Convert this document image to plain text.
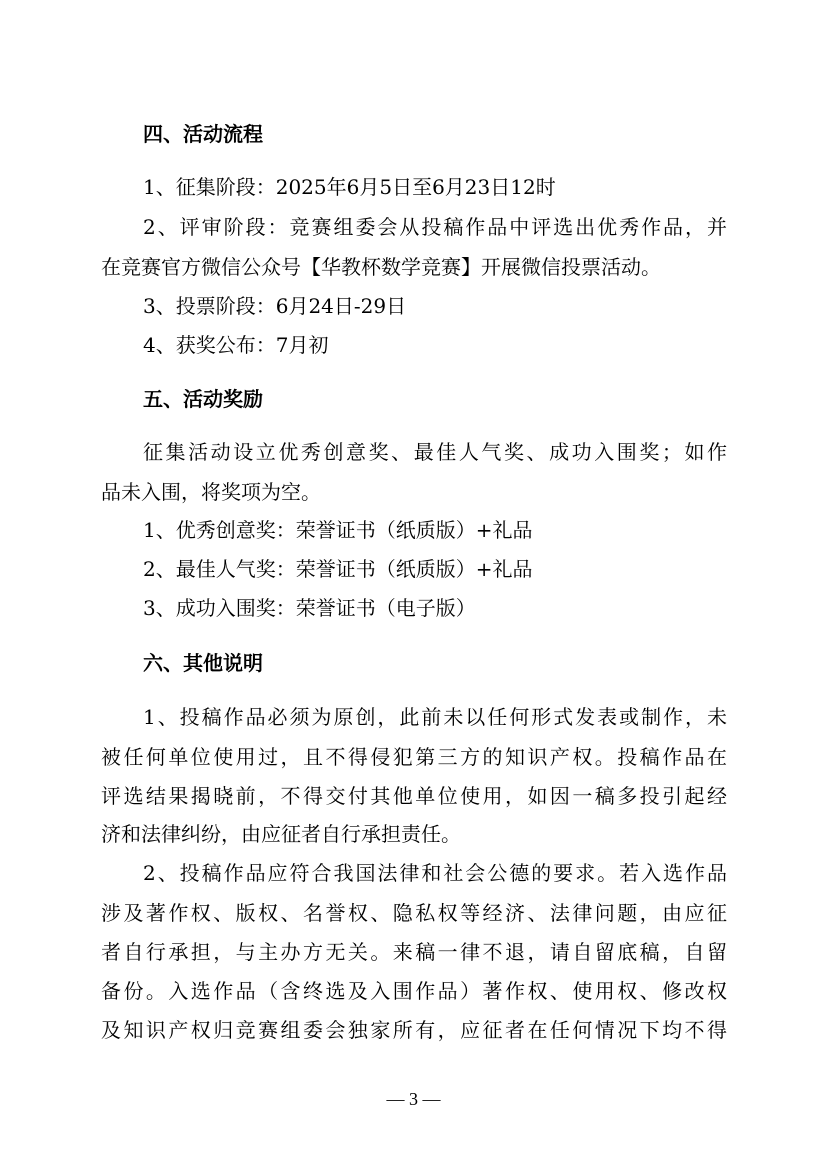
四、活动流程
1、征集阶段：2025年6月5日至6月23日12时
2、评审阶段：竞赛组委会从投稿作品中评选出优秀作品，并
在竞赛官方微信公众号【华教杯数学竞赛】开展微信投票活动。
3、投票阶段：6月24日-29日
4、获奖公布：7月初
五、活动奖励
征集活动设立优秀创意奖、最佳人气奖、成功入围奖；如作
品未入围，将奖项为空。
1、优秀创意奖：荣誉证书（纸质版）+礼品
2、最佳人气奖：荣誉证书（纸质版）+礼品
3、成功入围奖：荣誉证书（电子版）
六、其他说明
1、投稿作品必须为原创，此前未以任何形式发表或制作，未
被任何单位使用过，且不得侵犯第三方的知识产权。投稿作品在
评选结果揭晓前，不得交付其他单位使用，如因一稿多投引起经
济和法律纠纷，由应征者自行承担责任。
2、投稿作品应符合我国法律和社会公德的要求。若入选作品
涉及著作权、版权、名誉权、隐私权等经济、法律问题，由应征
者自行承担，与主办方无关。来稿一律不退，请自留底稿，自留
备份。入选作品（含终选及入围作品）著作权、使用权、修改权
及知识产权归竞赛组委会独家所有，应征者在任何情况下均不得
— 3 —
